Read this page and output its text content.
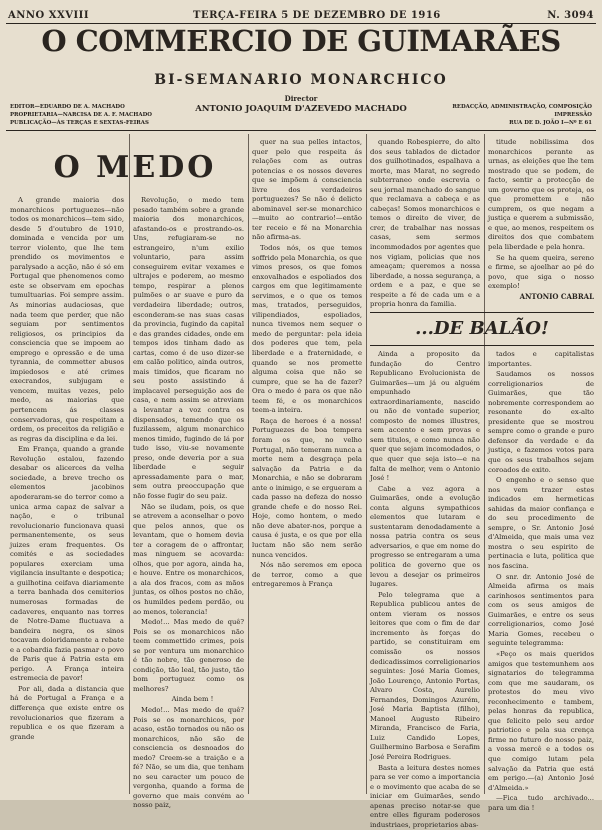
ANNO XXVIII	TERÇA-FEIRA 5 DE DEZEMBRO DE 1916	N. 3094
O COMMERCIO DE GUIMARÃES
BI-SEMANARIO MONARCHICO
Director
ANTONIO JOAQUIM D'AZEVEDO MACHADO
EDITOR—EDUARDO DE A. MACHADO
PROPRIETARIA—NARCISA DE A. F. MACHADO
PUBLICAÇÃO—ÁS TERÇAS E SEXTAS-FEIRAS
REDACÇÃO, ADMINISTRAÇÃO, COMPOSIÇÃO
IMPRESSÃO
RUA DE D. JOÃO I—Nº E 61
O MEDO

A grande maioria dos monarchicos portuguezes—não todos os monarchicos—tem sido, desde 5 d'outubro de 1910, dominada e vencida por um terror violento, que lhe tem prendido os movimentos e paralysado a acção, não é só em Portugal que phenomenos como este se observam em epochas tumultuarias. Foi sempre assim. As minorias audaciosas, que nada teem que perder, que não seguiam por sentimentos religiosos, os principios da consciencia que se impoem ao emprego e opressão e de uma tyrannia, de commetter abusos impiedosos e até crimes execrandos, subjugam e vencem, muitas vezes, pelo medo, as maiorias que pertencem ás classes conservadoras, que respeitam a ordem, os preceitos da religião e as regras da disciplina e da lei.

Em França, quando a grande Revolução estalou, fazendo desabar os alicerces da velha sociedade, a breve trecho os elementos jacobinos apoderaram-se do terror como a unica arma capaz de salvar a nação, e o tribunal revolucionario funcionava quasi permanentemente, os seus juizes eram frequentes. Os comités e as sociedades populares exerciam uma vigilancia insultante e despotica; a guilhotina ceifava diariamente a terra banhada dos cemiterios numerosas formadas de cadaveres, enquanto nas torres de Notre-Dame fluctuava a bandeira negra, os sinos tocavam doloridamente a rebate e a cobardia fazia pasmar o povo de Paris que á Patria esta em perigo. A França inteira estremecia de pavor!

Por ali, dada a distancia que há de Portugal a França e a differença que existe entre os revolucionarios que fizeram a republica e os que fizeram a grande

Revolução, o medo tem pesado também sobre a grande maioria dos monarchicos, afastando-os e prostrando-os. Uns, refugiaram-se no estrangeiro, n'um exilio voluntario, para assim conseguirem evitar vexames e ultrajes e poderem, ao mesmo tempo, respirar a plenos pulmões o ar suave e puro da verdadeira liberdade; outros, esconderam-se nas suas casas da provincia, fugindo da capital e das grandes cidades, onde em tempos idos tinham dado as cartas, como é de uso dizer-se em calão politico, ainda outros, mais timidos, que ficaram no seu posto assistindo á implacavel perseguição aos de casa, e nem assim se atreviam a levantar a voz contra os dispensados, temendo que os fuzilassem, algum monarchico menos timido, fugindo de lá por tudo isso, viu-se novamente preso, onde deveria por a sua liberdade e seguir apressadamente para o mar, sem outra preoccupação que não fosse fugir do seu paiz.

Não se iludam, pois, os que se atrevem a aconselhar o povo que pelos annos, que os levantam, que o homem devia ter a coragem de o affrontar, mas ninguem se acovarda: olhos, que por agora, ainda ha, e houve. Entre os monarchicos, a ala dos fracos, com as mãos juntas, os olhos postos no chão, os humildes pedem perdão, ou ao menos, tolerancia!

Medo!... Mas medo de quê? Pois se os monarchicos não teem commettido crimes, pois se por ventura um monarchico é tão nobre, tão generoso de condição, tão leal, tão justo, tão bom portuguez como os melhores?

Ainda bem !

Medo!... Mas medo de quê? Pois se os monarchicos, por acaso, estão tornados ou não os monarchicos, não são de consciencia os desnoados do medo? Creem-se a traição e a fé? Não, se um dia, que tenham no seu caracter um pouco de vergonha, quando a forma de governo que mais convém ao nosso paiz,

quer na sua pelles intactos, quer pelo que respeita ás relações com as outras potencias e os nossos deveres que se impõem á consciencia livre dos verdadeiros portuguezes? Se não é delicto abominavel ser-se monarchico—muito ao contrario!—então ter receio e fé na Monarchia não afirma-as.

Todos nós, os que temos soffrido pela Monarchia, os que vimos presos, os que fomos enxovalhados e espoliados dos cargos em que legitimamente servimos, e o que os temos mas, tratados, perseguidos, vilipendiados, espoliados, nunca tivemos nem sequer o medo de perguntar: pela ideia dos poderes que tem, pela liberdade e a fraternidade, e quando se nos promette alguma coisa que não se cumpre, que se ha de fazer? Ora o medo é para os que não teem fé, e os monarchicos teem-a inteira.

Raça de heroes é a nossa! Portuguezes de boa tempera foram os que, no velho Portugal, não temeram nunca a morte nem a desgraça pela salvação da Patria e da Monarchia, e não se dobraram ante o inimigo, e se ergueram a cada passo na defeza do nosso grande chefe e do nosso Rei. Hoje, como hontem, o medo não deve abater-nos, porque a causa é justa, e os que por ella luctam não são nem serão nunca vencidos.

Nós não seremos em epoca de terror, como a que entregaremos à França

quando Robespierre, do alto dos seus tablados de dictador dos guilhotinados, espalhava a morte, mas Marat, no segredo subterraneo onde escrevia o seu jornal manchado do sangue que reclamava a cabeça e as cabeças! Somos monarchicos e temos o direito de viver, de crer, de trabalhar nas nossas casas, sem sermos incommodados por agentes que nos vigiam, policias que nos ameaçam; queremos a nossa liberdade, a nossa segurança, a ordem e a paz, e que se respeite a fé de cada um e a propria honra da familia.

titude nobilissima dos monarchicos perante as urnas, as eleições que lhe tem mostrado que se podem, de facto, sentir a protecção de um governo que os proteja, os que promettem e não cumprem, os que negam a justiça e querem a submissão, e que, ao menos, respeitem os direitos dos que combatem pela liberdade e pela honra.

Se ha quem queira, sereno e firme, se ajoelhar ao pé do povo, que siga o nosso exemplo!

ANTONIO CABRAL
...DE BALÃO!

Ainda a proposito da fundação do Centro Republicano Evolucionista de Guimarães—um já ou alguém empunhado extraordinariamente, nascido ou não de vontade superior, composto de nomes illustres, sem accento e sem provas e sem titulos, e como nunca não quer que sejam incomodados, o que quer que seja isto—e na falta de melhor, vem o Antonio José !

Cabe a vez agora a Guimarães, onde a evolução conta alguns sympathicos elementos que lutaram e sustentaram denodadamente a nossa patria contra os seus adversarios, e que em nome do progresso se entregaram a uma politica de governo que os levou a desejar os primeiros lugares.

Pelo telegrama que a Republica publicou antes de ontem vieram os nossos leitores que com o fim de dar incremento às forças do partido, se constituiram em comissão os nossos dedicadissimos correligionarios seguintes: José Maria Gomes, João Lourenço, Antonio Portas, Alvaro Costa, Aurelio Fernandes, Domingos Azurém, José Maria Baptista (filho), Manoel Augusto Ribeiro Miranda, Francisco de Faria, Luiz Candido Lopes, Guilhermino Barbosa e Serafim José Pereira Rodrigues.

Basta a leitura destes nomes para se ver como a importancia e o movimento que acaba de se iniciar em Guimarães, sendo apenas preciso notar-se que entre elles figuram poderosos industriaes, proprietarios abas-

tados e capitalistas importantes.

Saudamos os nossos correligionarios de Guimarães, que tão nobremente correspondem ao resonante do ex-alto presidente que se mostrou sempre como o grande e puro defensor da verdade e da justiça, e fazemos votos para que os seus trabalhos sejam coroados de exito.

O engenho e o senso que nos vem trazer estes indicados em hermeticas sahidas da maior confiança e do seu procedimento de sempre, o Sr. Antonio José d'Almeida, que mais uma vez mostra o seu espirito de pertinacia e luta, politica que nos fascina.

O snr. dr. Antonio José de Almeida afirma os mais carinhosos sentimentos para com os seus amigos de Guimarães, e entre os seus correligionarios, como José Maria Gomes, recebeu o seguinte telegramma:

«Peço os mais queridos amigos que testemunhem aos signatarios do telegramma com que me saudaram, os protestos do meu vivo reconhecimento e tambem, pelas honras da republica, que felicito pelo seu ardor patriotico e pela sua crença firme no futuro do nosso paiz, a vossa mercê e a todos os que comigo lutam pela salvação da Patria que está em perigo.—(a) Antonio José d'Almeida.»

—Fica tudo archivado... para um dia !
